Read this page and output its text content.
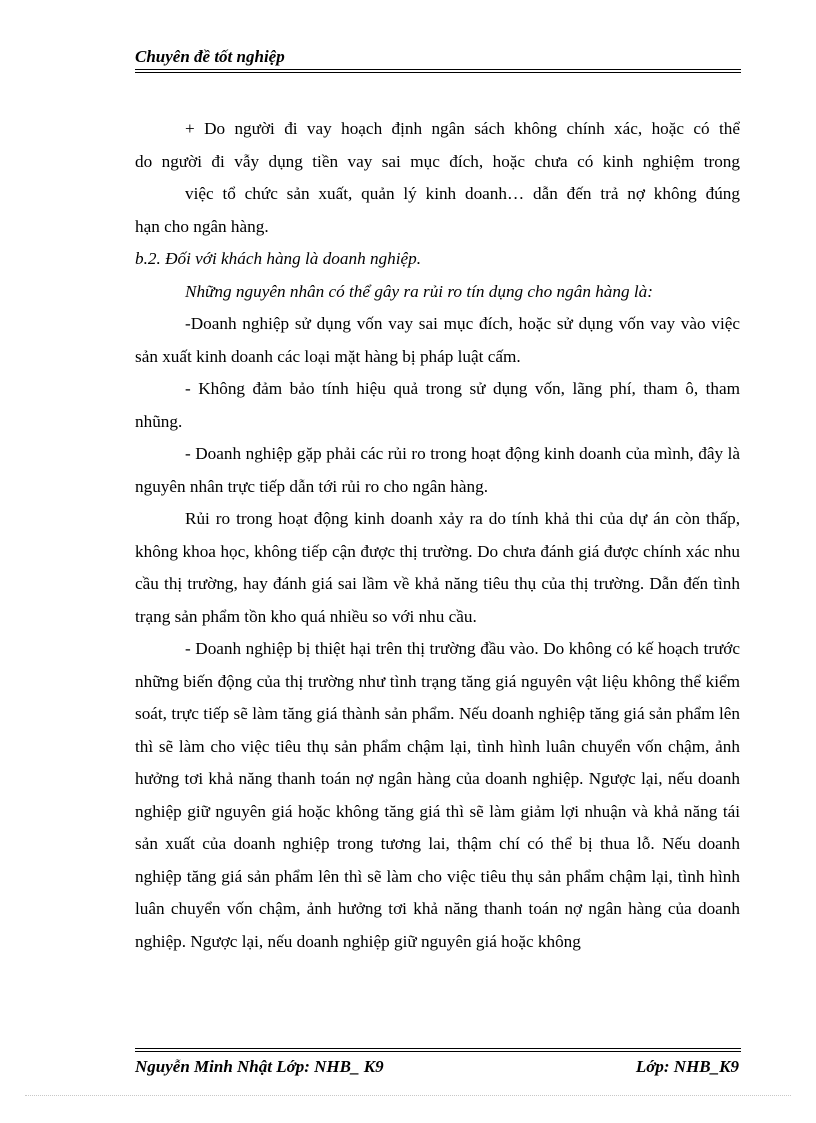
Chuyên đề tốt nghiệp
+ Do người đi vay hoạch định ngân sách không chính xác, hoặc có thể
do người đi vẫy dụng tiền vay sai mục đích, hoặc chưa có kinh nghiệm trong
việc tổ chức sản xuất, quản lý kinh doanh… dẫn đến trả nợ không đúng
hạn cho ngân hàng.

b.2. Đối với khách hàng là doanh nghiệp.

Những nguyên nhân có thể gây ra rủi ro tín dụng cho ngân hàng là:

-Doanh nghiệp sử dụng vốn vay sai mục đích, hoặc sử dụng vốn vay vào việc sản xuất kinh doanh các loại mặt hàng bị pháp luật cấm.

- Không đảm bảo tính hiệu quả trong sử dụng vốn, lãng phí, tham ô, tham nhũng.

- Doanh nghiệp gặp phải các rủi ro trong hoạt động kinh doanh của mình, đây là nguyên nhân trực tiếp dẫn tới rủi ro cho ngân hàng.

Rủi ro trong hoạt động kinh doanh xảy ra do tính khả thi của dự án còn thấp, không khoa học, không tiếp cận được thị trường. Do chưa đánh giá được chính xác nhu cầu thị trường, hay đánh giá sai lầm về khả năng tiêu thụ của thị trường. Dẫn đến tình trạng sản phẩm tồn kho quá nhiều so với nhu cầu.

- Doanh nghiệp bị thiệt hại trên thị trường đầu vào. Do không có kế hoạch trước những biến động của thị trường như tình trạng tăng giá nguyên vật liệu không thể kiểm soát, trực tiếp sẽ làm tăng giá thành sản phẩm. Nếu doanh nghiệp tăng giá sản phẩm lên thì sẽ làm cho việc tiêu thụ sản phẩm chậm lại, tình hình luân chuyển vốn chậm, ảnh hưởng tơi khả năng thanh toán nợ ngân hàng của doanh nghiệp. Ngược lại, nếu doanh nghiệp giữ nguyên giá hoặc không tăng giá thì sẽ làm giảm lợi nhuận và khả năng tái sản xuất của doanh nghiệp trong tương lai, thậm chí có thể bị thua lỗ. Nếu doanh nghiệp tăng giá sản phẩm lên thì sẽ làm cho việc tiêu thụ sản phẩm chậm lại, tình hình luân chuyển vốn chậm, ảnh hưởng tơi khả năng thanh toán nợ ngân hàng của doanh nghiệp. Ngược lại, nếu doanh nghiệp giữ nguyên giá hoặc không

Nguyễn Minh Nhật Lớp: NHB_ K9	Lớp: NHB_K9
